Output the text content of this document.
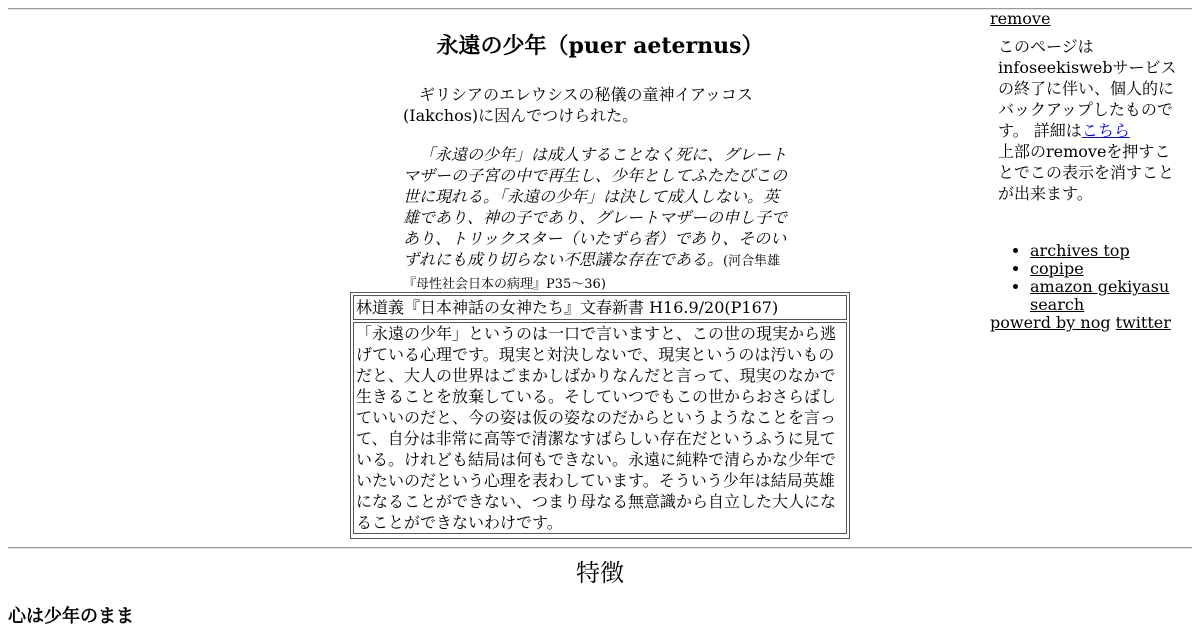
永遠の少年（puer aeternus）

ギリシアのエレウシスの秘儀の童神イアッコス(Iakchos)に因んでつけられた。

「永遠の少年」は成人することなく死に、グレートマザーの子宮の中で再生し、少年としてふたたびこの世に現れる。「永遠の少年」は決して成人しない。英雄であり、神の子であり、グレートマザーの申し子であり、トリックスター（いたずら者）であり、そのいずれにも成り切らない不思議な存在である。(河合隼雄『母性社会日本の病理』P35～36)

林道義『日本神話の女神たち』文春新書 H16.9/20(P167)
「永遠の少年」というのは一口で言いますと、この世の現実から逃げている心理です。現実と対決しないで、現実というのは汚いものだと、大人の世界はごまかしばかりなんだと言って、現実のなかで生きることを放棄している。そしていつでもこの世からおさらばしていいのだと、今の姿は仮の姿なのだからというようなことを言って、自分は非常に高等で清潔なすばらしい存在だというふうに見ている。けれども結局は何もできない。永遠に純粋で清らかな少年でいたいのだという心理を表わしています。そういう少年は結局英雄になることができない、つまり母なる無意識から自立した大人になることができないわけです。
特徴
心は少年のまま
remove
このページはinfoseekiswebサービスの終了に伴い、個人的にバックアップしたものです。 詳細はこちら
上部のremoveを押すことでこの表示を消すことが出来ます。
• archives top
• copipe
• amazon gekiyasu search
powerd by nog twitter
